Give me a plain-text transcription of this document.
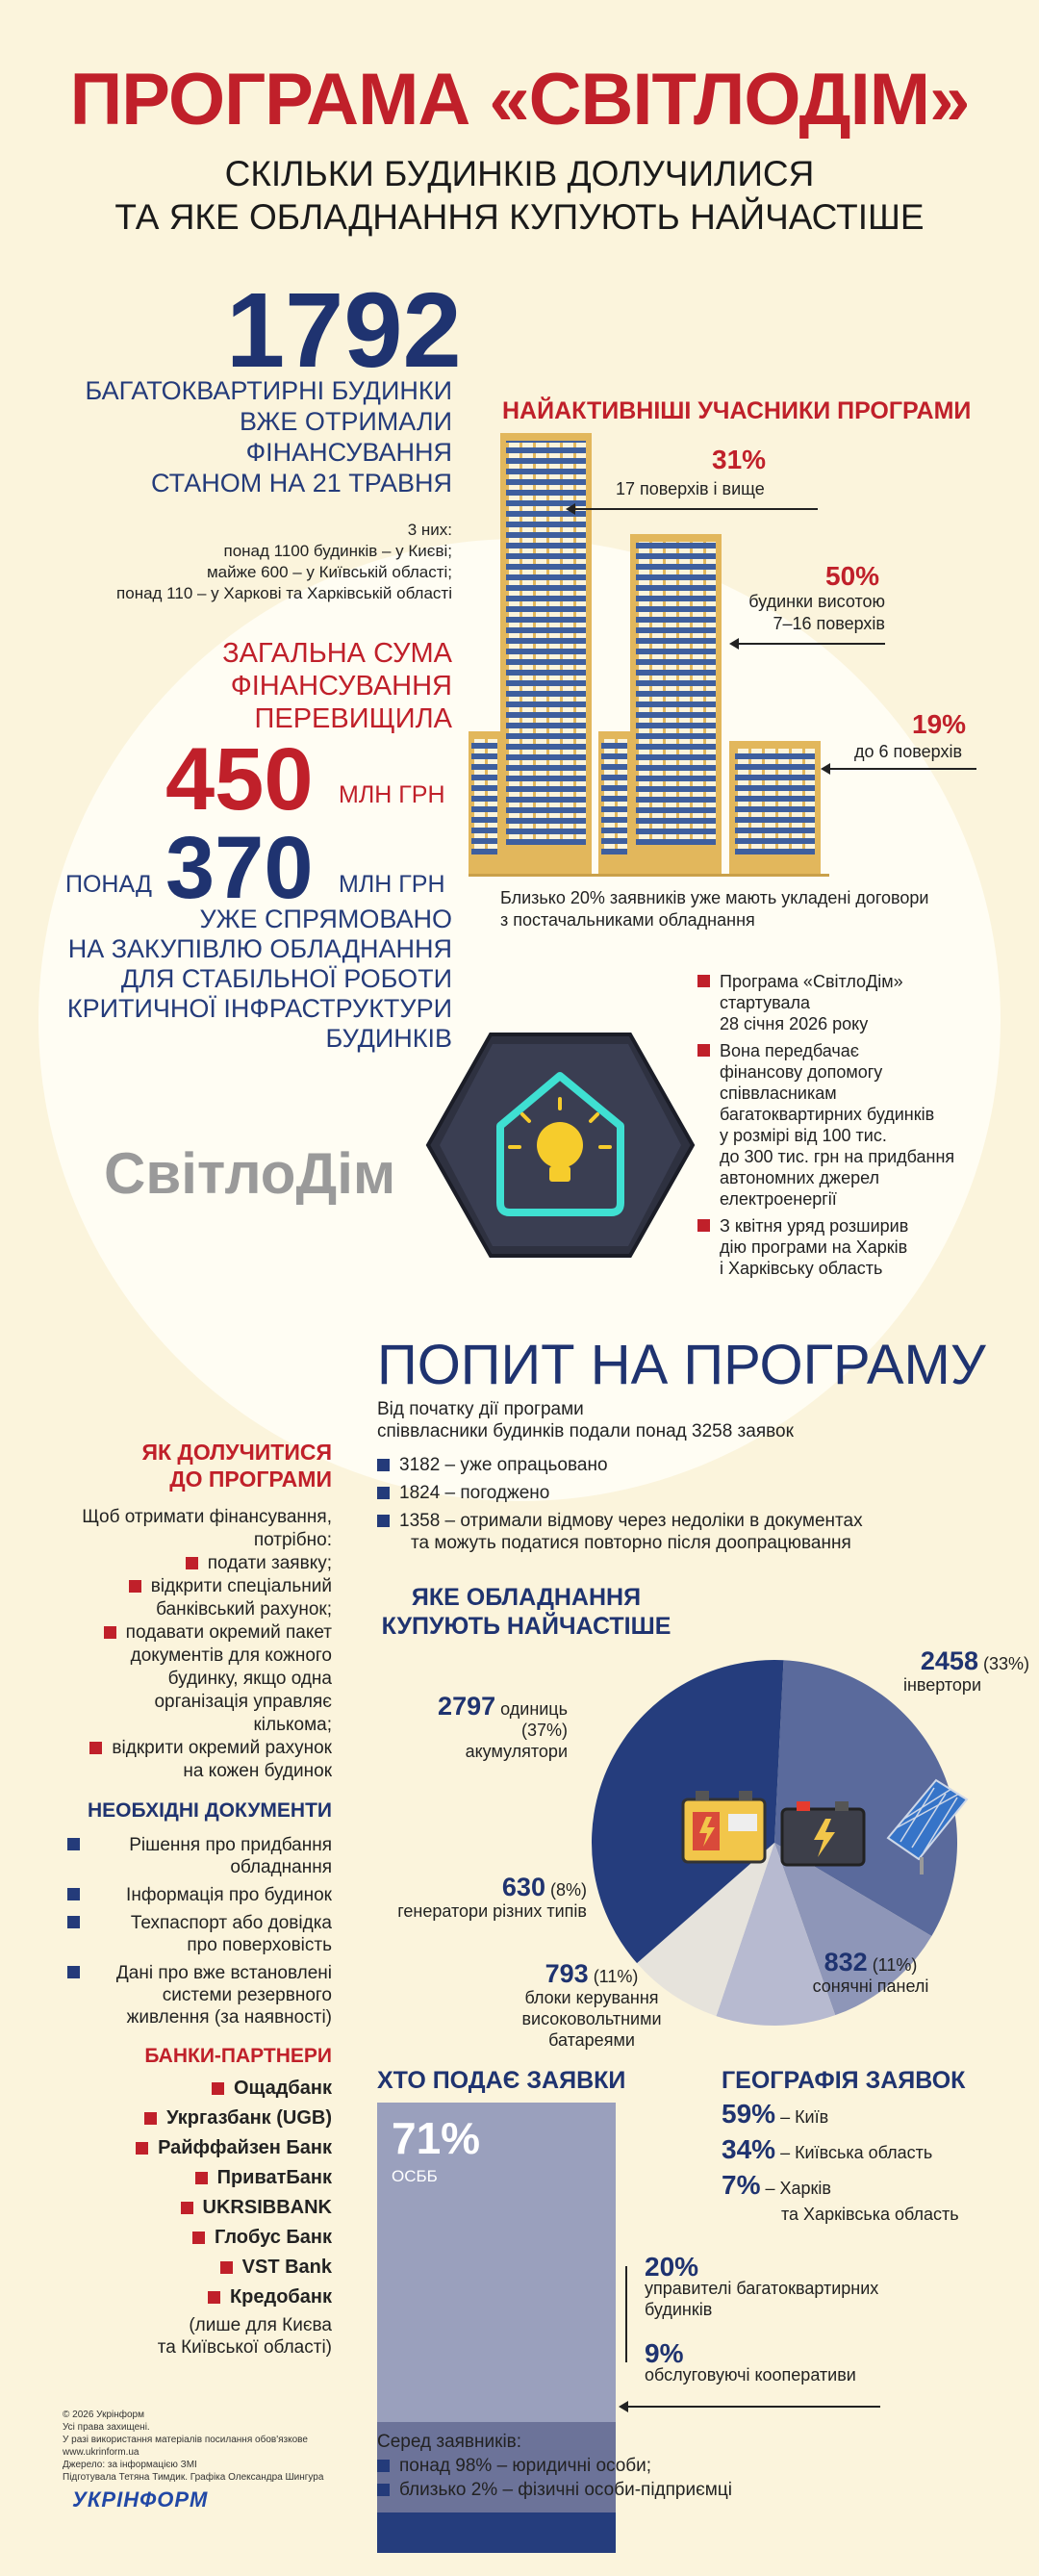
ПРОГРАМА «СВІТЛОДІМ»
СКІЛЬКИ БУДИНКІВ ДОЛУЧИЛИСЯ
ТА ЯКЕ ОБЛАДНАННЯ КУПУЮТЬ НАЙЧАСТІШЕ
1792
БАГАТОКВАРТИРНІ БУДИНКИ
ВЖЕ ОТРИМАЛИ
ФІНАНСУВАННЯ
СТАНОМ НА 21 ТРАВНЯ
3 них:
понад 1100 будинків – у Києві;
майже 600 – у Київській області;
понад 110 – у Харкові та Харківській області
ЗАГАЛЬНА СУМА
ФІНАНСУВАННЯ
ПЕРЕВИЩИЛА
450 МЛН ГРН
ПОНАД 370 МЛН ГРН
УЖЕ СПРЯМОВАНО
НА ЗАКУПІВЛЮ ОБЛАДНАННЯ
ДЛЯ СТАБІЛЬНОЇ РОБОТИ
КРИТИЧНОЇ ІНФРАСТРУКТУРИ
БУДИНКІВ
НАЙАКТИВНІШІ УЧАСНИКИ ПРОГРАМИ
31%
17 поверхів і вище
50%
будинки висотою
7–16 поверхів
19%
до 6 поверхів
Близько 20% заявників уже мають укладені договори
з постачальниками обладнання
Програма «СвітлоДім»
стартувала
28 січня 2026 року
Вона передбачає
фінансову допомогу
співвласникам
багатоквартирних будинків
у розмірі від 100 тис.
до 300 тис. грн на придбання
автономних джерел
електроенергії
З квітня уряд розширив
дію програми на Харків
і Харківську область
СвітлоДім
ПОПИТ НА ПРОГРАМУ
Від початку дії програми
співвласники будинків подали понад 3258 заявок
3182 – уже опрацьовано
1824 – погоджено
1358 – отримали відмову через недоліки в документах
та можуть податися повторно після доопрацювання
ЯК ДОЛУЧИТИСЯ
ДО ПРОГРАМИ
Щоб отримати фінансування,
потрібно:
подати заявку;
відкрити спеціальний
банківський рахунок;
подавати окремий пакет
документів для кожного
будинку, якщо одна
організація управляє
кількома;
відкрити окремий рахунок
на кожен будинок
НЕОБХІДНІ ДОКУМЕНТИ
Рішення про придбання
обладнання
Інформація про будинок
Техпаспорт або довідка
про поверховість
Дані про вже встановлені
системи резервного
живлення (за наявності)
БАНКИ-ПАРТНЕРИ
Ощадбанк
Укргазбанк (UGB)
Райффайзен Банк
ПриватБанк
UKRSIBBANK
Глобус Банк
VST Bank
Кредобанк
(лише для Києва
та Київської області)
ЯКЕ ОБЛАДНАННЯ
КУПУЮТЬ НАЙЧАСТІШЕ
2797 одиниць
(37%)
акумулятори
2458 (33%)
інвертори
630 (8%)
генератори різних типів
793 (11%)
блоки керування високовольтними батареями
832 (11%)
сонячні панелі
ХТО ПОДАЄ ЗАЯВКИ
71%
ОСББ
20%
управителі багатоквартирних
будинків
9%
обслуговуючі кооперативи
Серед заявників:
понад 98% – юридичні особи;
близько 2% – фізичні особи-підприємці
ГЕОГРАФІЯ ЗАЯВОК
59% – Київ
34% – Київська область
7% – Харків
та Харківська область
© 2026 Укрінформ
Усі права захищені.
У разі використання матеріалів посилання обов'язкове
www.ukrinform.ua
Джерело: за інформацією ЗМІ
Підготувала Тетяна Тимдик. Графіка Олександра Шингура
УКРІНФОРМ
